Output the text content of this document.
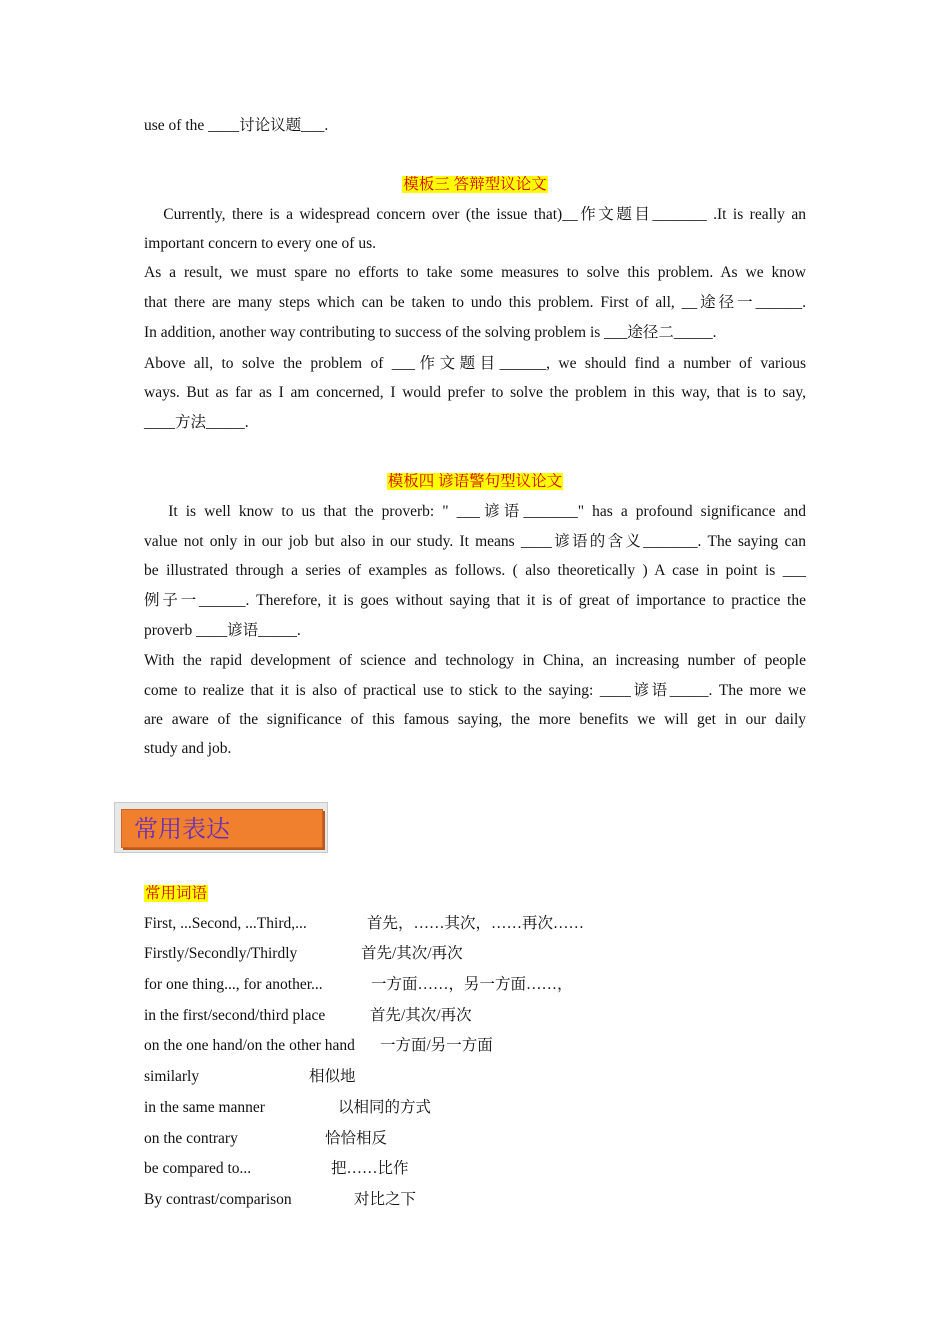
use of the ____讨论议题___.
模板三 答辩型议论文
Currently, there is a widespread concern over (the issue that)__作文题目_______ .It is really an
important concern to every one of us.
As a result, we must spare no efforts to take some measures to solve this problem. As we know
that there are many steps which can be taken to undo this problem. First of all, __途径一______.
In addition, another way contributing to success of the solving problem is ___途径二_____.
Above all, to solve the problem of ___作文题目______, we should find a number of various
ways. But as far as I am concerned, I would prefer to solve the problem in this way, that is to say,
____方法_____.
模板四 谚语警句型议论文
It is well know to us that the proverb: " ___谚语_______" has a profound significance and
value not only in our job but also in our study. It means ____谚语的含义_______. The saying can
be illustrated through a series of examples as follows. ( also theoretically ) A case in point is ___
例子一______. Therefore, it is goes without saying that it is of great of importance to practice the
proverb ____谚语_____.
With the rapid development of science and technology in China, an increasing number of people
come to realize that it is also of practical use to stick to the saying: ____谚语_____. The more we
are aware of the significance of this famous saying, the more benefits we will get in our daily
study and job.
常用词语
First, ...Second, ...Third,...	首先，……其次，……再次……
Firstly/Secondly/Thirdly	首先/其次/再次
for one thing..., for another...	一方面……，另一方面……，
in the first/second/third place	首先/其次/再次
on the one hand/on the other hand 一方面/另一方面
similarly	相似地
in the same manner	以相同的方式
on the contrary	恰恰相反
be compared to...	把……比作
By contrast/comparison	对比之下
常用表达
